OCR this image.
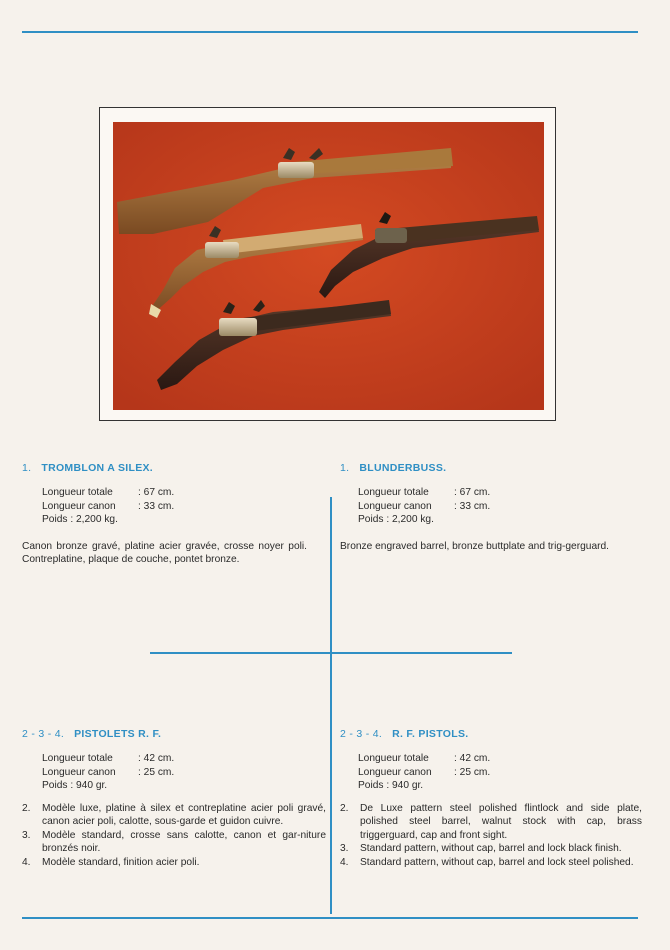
1. TROMBLON A SILEX.
Longueur totale : 67 cm.
Longueur canon : 33 cm.
Poids : 2,200 kg.
Canon bronze gravé, platine acier gravée, crosse noyer poli. Contreplatine, plaque de couche, pontet bronze.
1. BLUNDERBUSS.
Longueur totale : 67 cm.
Longueur canon : 33 cm.
Poids : 2,200 kg.
Bronze engraved barrel, bronze buttplate and trig-gerguard.
2 - 3 - 4. PISTOLETS R. F.
Longueur totale : 42 cm.
Longueur canon : 25 cm.
Poids : 940 gr.
2. Modèle luxe, platine à silex et contreplatine acier poli gravé, canon acier poli, calotte, sous-garde et guidon cuivre.
3. Modèle standard, crosse sans calotte, canon et gar-niture bronzés noir.
4. Modèle standard, finition acier poli.
2 - 3 - 4. R. F. PISTOLS.
Longueur totale : 42 cm.
Longueur canon : 25 cm.
Poids : 940 gr.
2. De Luxe pattern steel polished flintlock and side plate, polished steel barrel, walnut stock with cap, brass triggerguard, cap and front sight.
3. Standard pattern, without cap, barrel and lock black finish.
4. Standard pattern, without cap, barrel and lock steel polished.
